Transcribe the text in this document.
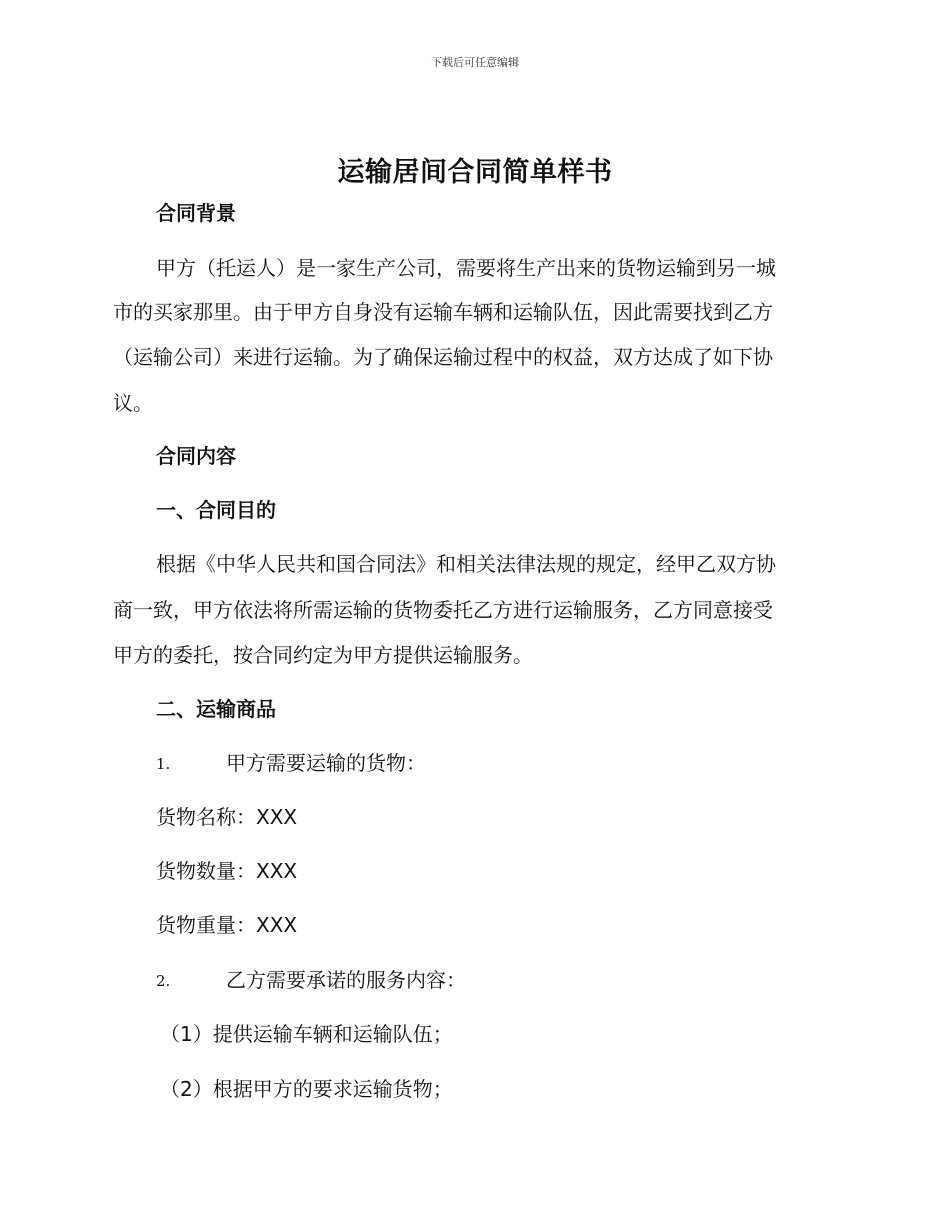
下载后可任意编辑
运输居间合同简单样书
合同背景
甲方（托运人）是一家生产公司，需要将生产出来的货物运输到另一城
市的买家那里。由于甲方自身没有运输车辆和运输队伍，因此需要找到乙方
（运输公司）来进行运输。为了确保运输过程中的权益，双方达成了如下协
议。
合同内容
一、合同目的
根据《中华人民共和国合同法》和相关法律法规的规定，经甲乙双方协
商一致，甲方依法将所需运输的货物委托乙方进行运输服务，乙方同意接受
甲方的委托，按合同约定为甲方提供运输服务。
二、运输商品
1.	甲方需要运输的货物：
货物名称：XXX
货物数量：XXX
货物重量：XXX
2.	乙方需要承诺的服务内容：
（1）提供运输车辆和运输队伍；
（2）根据甲方的要求运输货物；
